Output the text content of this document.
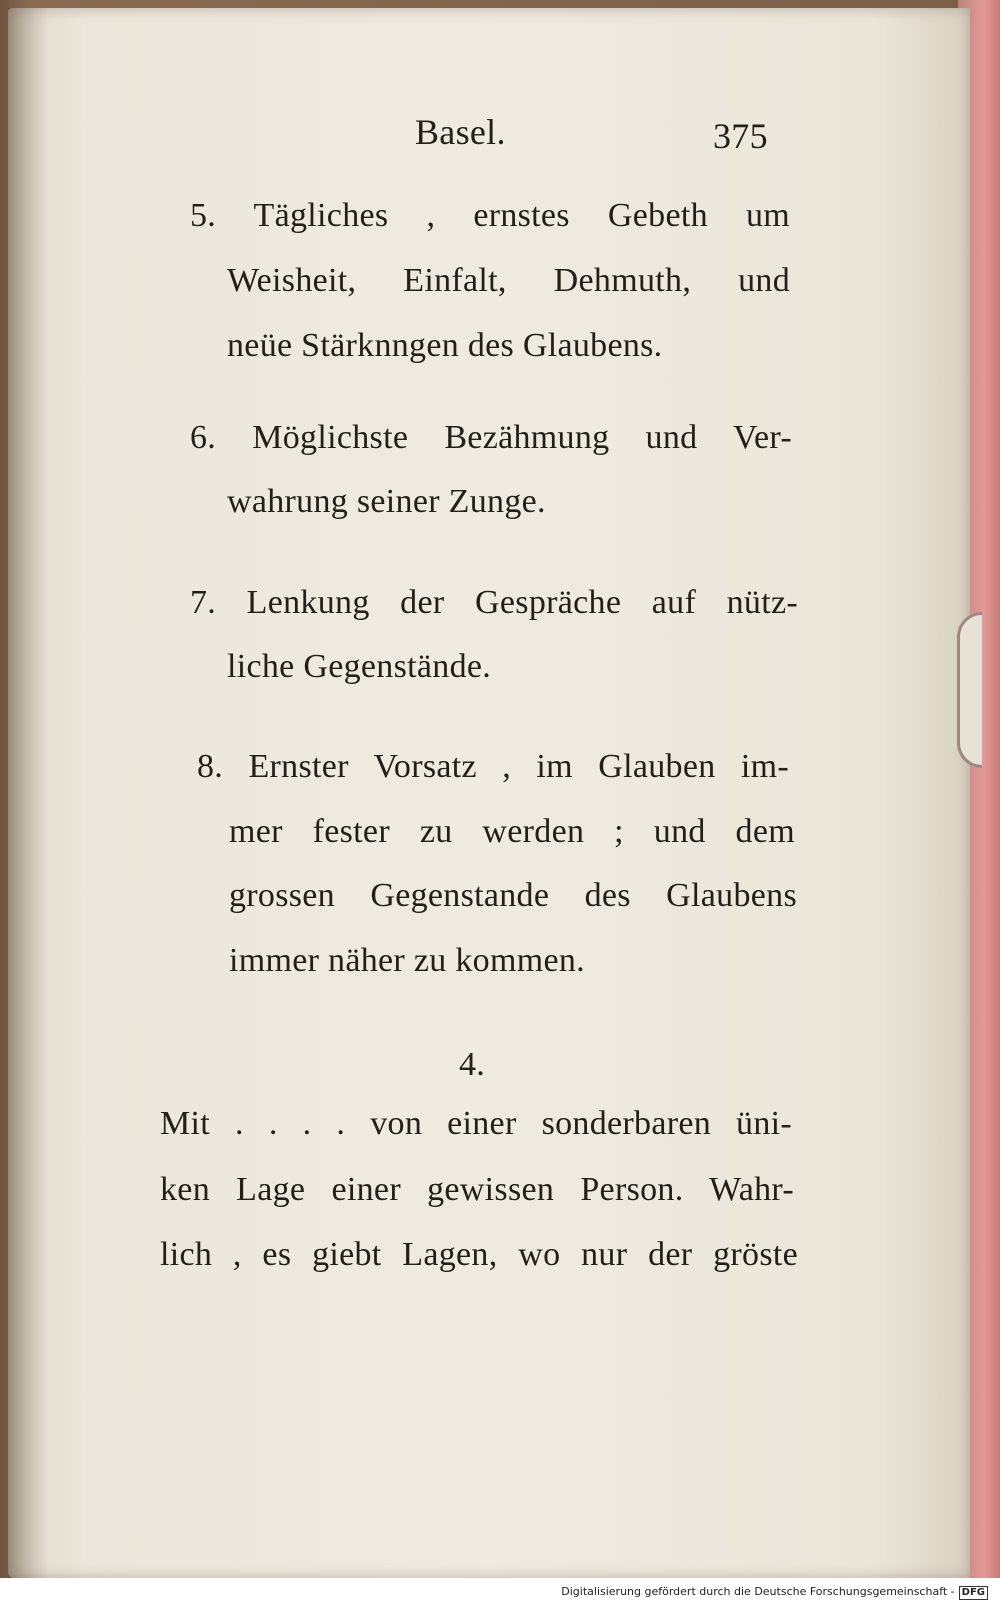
Basel.	375
5. Tägliches , ernstes Gebeth um
Weisheit, Einfalt, Dehmuth, und
neüe Stärknngen des Glaubens.
6. Möglichste Bezähmung und Ver-
wahrung seiner Zunge.
7. Lenkung der Gespräche auf nütz-
liche Gegenstände.
8. Ernster Vorsatz , im Glauben im-
mer fester zu werden ; und dem
grossen Gegenstande des Glaubens
immer näher zu kommen.
4.
Mit . . . . von einer sonderbaren üni-
ken Lage einer gewissen Person. Wahr-
lich , es giebt Lagen, wo nur der gröste
Digitalisierung gefördert durch die Deutsche Forschungsgemeinschaft - DFG
